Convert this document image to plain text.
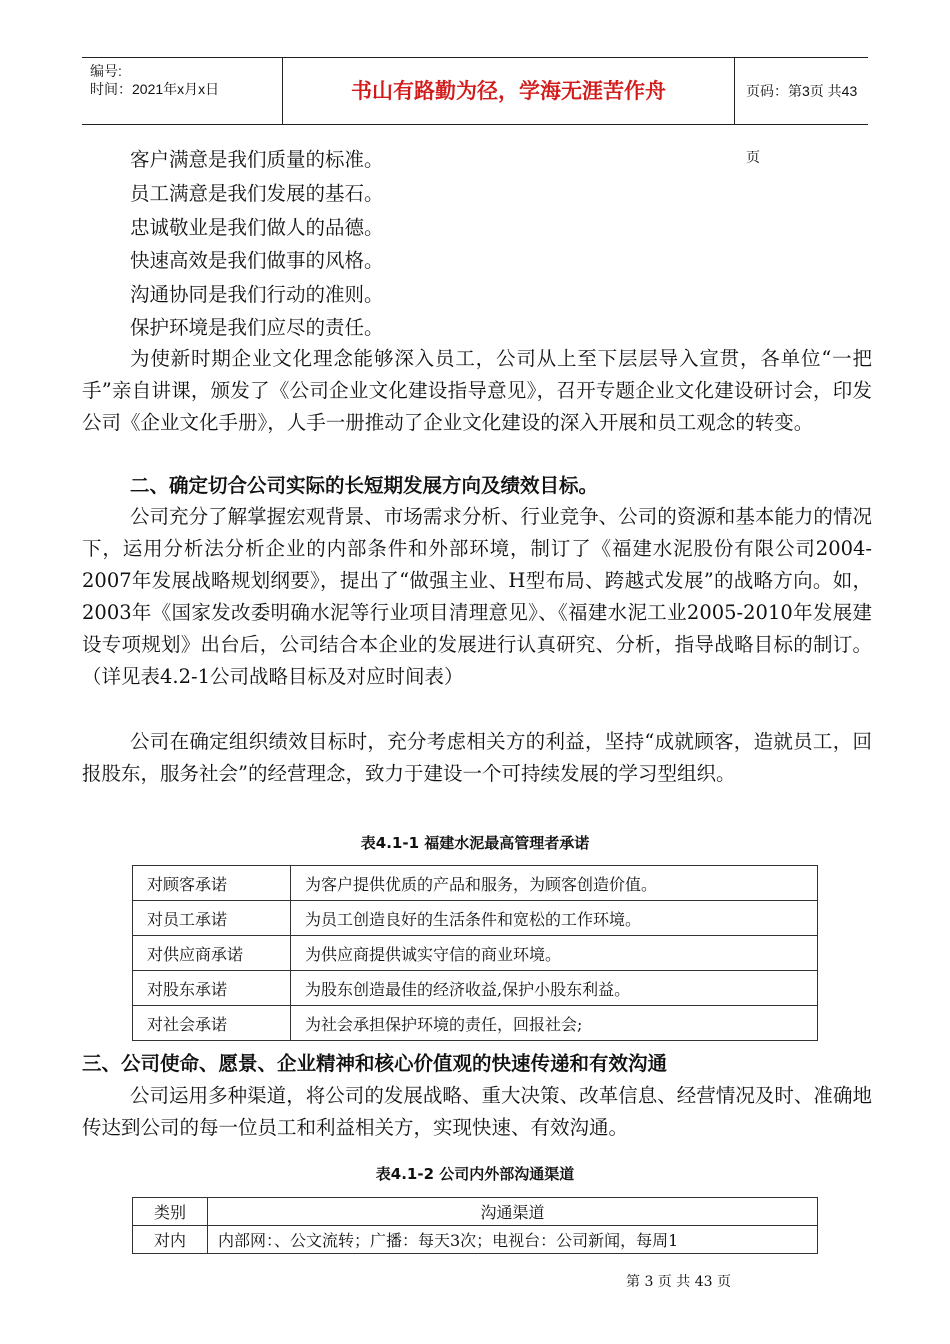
编号:
时间：2021年x月x日	书山有路勤为径，学海无涯苦作舟	页码：第3页 共43页
客户满意是我们质量的标准。
员工满意是我们发展的基石。
忠诚敬业是我们做人的品德。
快速高效是我们做事的风格。
沟通协同是我们行动的准则。
保护环境是我们应尽的责任。
为使新时期企业文化理念能够深入员工，公司从上至下层层导入宣贯，各单位“一把手”亲自讲课，颁发了《公司企业文化建设指导意见》，召开专题企业文化建设研讨会，印发公司《企业文化手册》，人手一册推动了企业文化建设的深入开展和员工观念的转变。
二、确定切合公司实际的长短期发展方向及绩效目标。
公司充分了解掌握宏观背景、市场需求分析、行业竞争、公司的资源和基本能力的情况下，运用分析法分析企业的内部条件和外部环境，制订了《福建水泥股份有限公司2004-2007年发展战略规划纲要》，提出了“做强主业、H型布局、跨越式发展”的战略方向。如，2003年《国家发改委明确水泥等行业项目清理意见》、《福建水泥工业2005-2010年发展建设专项规划》出台后，公司结合本企业的发展进行认真研究、分析，指导战略目标的制订。（详见表4.2-1公司战略目标及对应时间表）
公司在确定组织绩效目标时，充分考虑相关方的利益，坚持“成就顾客，造就员工，回报股东，服务社会”的经营理念，致力于建设一个可持续发展的学习型组织。
表4.1-1 福建水泥最高管理者承诺
对顾客承诺	为客户提供优质的产品和服务，为顾客创造价值。
对员工承诺	为员工创造良好的生活条件和宽松的工作环境。
对供应商承诺	为供应商提供诚实守信的商业环境。
对股东承诺	为股东创造最佳的经济收益,保护小股东利益。
对社会承诺	为社会承担保护环境的责任，回报社会;
三、公司使命、愿景、企业精神和核心价值观的快速传递和有效沟通
公司运用多种渠道，将公司的发展战略、重大决策、改革信息、经营情况及时、准确地传达到公司的每一位员工和利益相关方，实现快速、有效沟通。
表4.1-2 公司内外部沟通渠道
类别	沟通渠道
对内	内部网：、公文流转；广播：每天3次；电视台：公司新闻，每周1
第 3 页 共 43 页
